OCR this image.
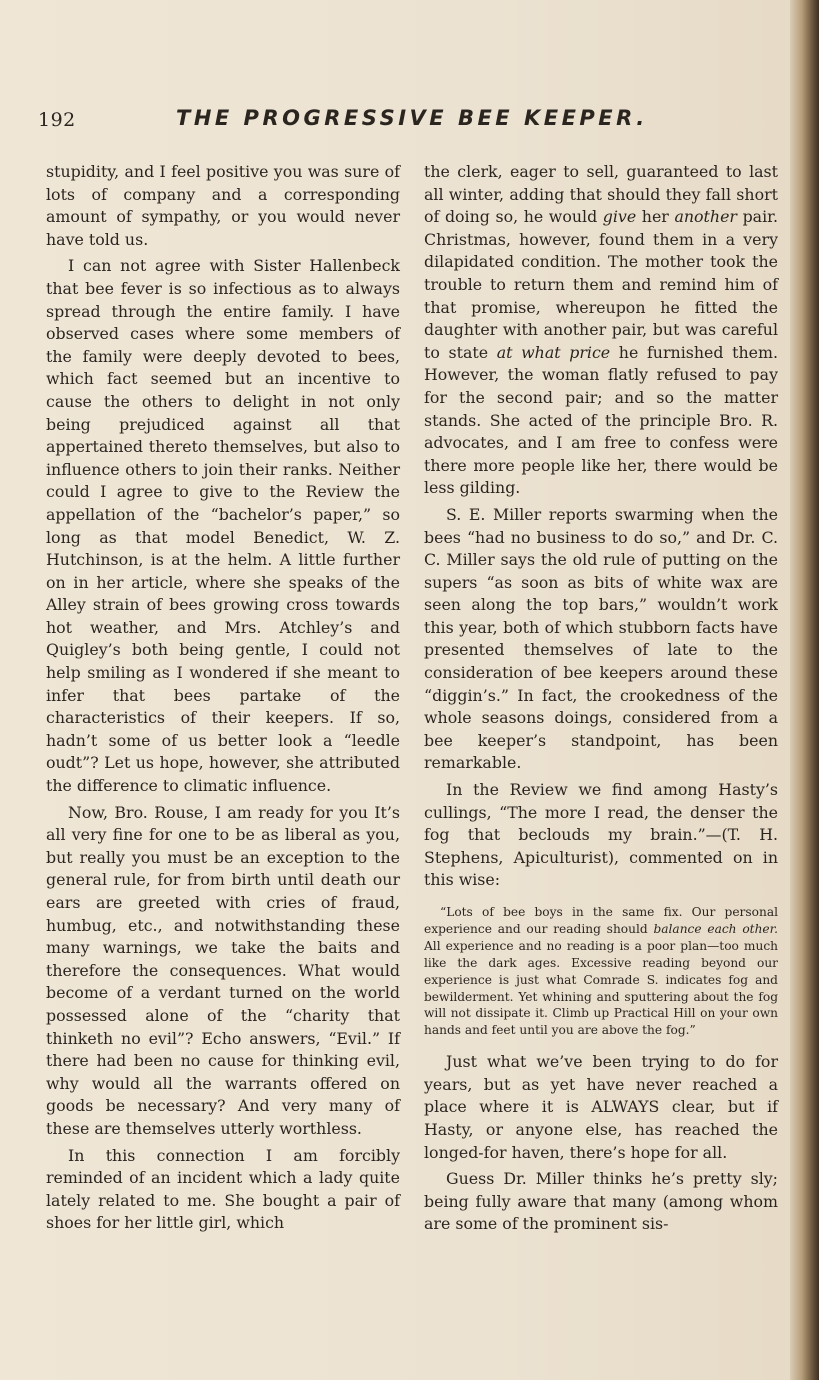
192	THE PROGRESSIVE BEE KEEPER.

stupidity, and I feel positive you was sure of lots of company and a corresponding amount of sympathy, or you would never have told us.

I can not agree with Sister Hallenbeck that bee fever is so infectious as to always spread through the entire family. I have observed cases where some members of the family were deeply devoted to bees, which fact seemed but an incentive to cause the others to delight in not only being prejudiced against all that appertained thereto themselves, but also to influence others to join their ranks. Neither could I agree to give to the Review the appellation of the “bachelor’s paper,” so long as that model Benedict, W. Z. Hutchinson, is at the helm. A little further on in her article, where she speaks of the Alley strain of bees growing cross towards hot weather, and Mrs. Atchley’s and Quigley’s both being gentle, I could not help smiling as I wondered if she meant to infer that bees partake of the characteristics of their keepers. If so, hadn’t some of us better look a “leedle oudt”? Let us hope, however, she attributed the difference to climatic influence.

Now, Bro. Rouse, I am ready for you It’s all very fine for one to be as liberal as you, but really you must be an exception to the general rule, for from birth until death our ears are greeted with cries of fraud, humbug, etc., and notwithstanding these many warnings, we take the baits and therefore the consequences. What would become of a verdant turned on the world possessed alone of the “charity that thinketh no evil”? Echo answers, “Evil.” If there had been no cause for thinking evil, why would all the warrants offered on goods be necessary? And very many of these are themselves utterly worthless.

In this connection I am forcibly reminded of an incident which a lady quite lately related to me. She bought a pair of shoes for her little girl, which

the clerk, eager to sell, guaranteed to last all winter, adding that should they fall short of doing so, he would give her another pair. Christmas, however, found them in a very dilapidated condition. The mother took the trouble to return them and remind him of that promise, whereupon he fitted the daughter with another pair, but was careful to state at what price he furnished them. However, the woman flatly refused to pay for the second pair; and so the matter stands. She acted of the principle Bro. R. advocates, and I am free to confess were there more people like her, there would be less gilding.

S. E. Miller reports swarming when the bees “had no business to do so,” and Dr. C. C. Miller says the old rule of putting on the supers “as soon as bits of white wax are seen along the top bars,” wouldn’t work this year, both of which stubborn facts have presented themselves of late to the consideration of bee keepers around these “diggin’s.” In fact, the crookedness of the whole seasons doings, considered from a bee keeper’s standpoint, has been remarkable.

In the Review we find among Hasty’s cullings, “The more I read, the denser the fog that beclouds my brain.”—(T. H. Stephens, Apiculturist), commented on in this wise:

“Lots of bee boys in the same fix. Our personal experience and our reading should balance each other. All experience and no reading is a poor plan—too much like the dark ages. Excessive reading beyond our experience is just what Comrade S. indicates fog and bewilderment. Yet whining and sputtering about the fog will not dissipate it. Climb up Practical Hill on your own hands and feet until you are above the fog.”

Just what we’ve been trying to do for years, but as yet have never reached a place where it is ALWAYS clear, but if Hasty, or anyone else, has reached the longed-for haven, there’s hope for all.

Guess Dr. Miller thinks he’s pretty sly; being fully aware that many (among whom are some of the prominent sis-
